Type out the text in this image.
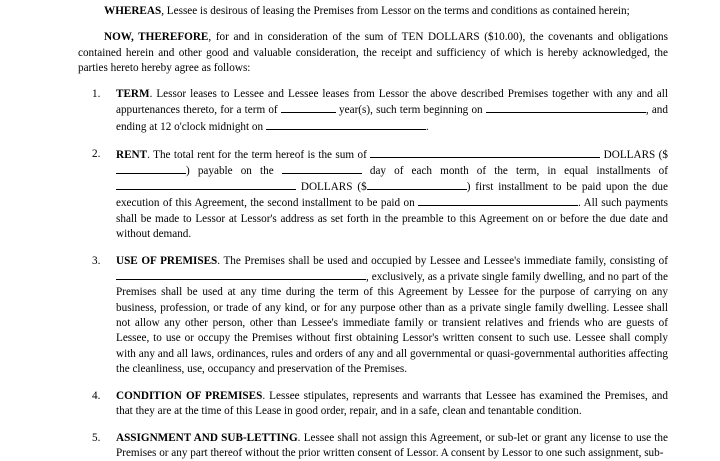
WHEREAS, Lessee is desirous of leasing the Premises from Lessor on the terms and conditions as contained herein;

NOW, THEREFORE, for and in consideration of the sum of TEN DOLLARS ($10.00), the covenants and obligations contained herein and other good and valuable consideration, the receipt and sufficiency of which is hereby acknowledged, the parties hereto hereby agree as follows:

1. TERM. Lessor leases to Lessee and Lessee leases from Lessor the above described Premises together with any and all appurtenances thereto, for a term of	year(s), such term beginning on	, and ending at 12 o'clock midnight on	.
2. RENT. The total rent for the term hereof is the sum of	DOLLARS ($) payable on the	day of each month of the term, in equal installments of  DOLLARS ($	) first installment to be paid upon the due execution of this Agreement, the second installment to be paid on	. All such payments shall be made to Lessor at Lessor's address as set forth in the preamble to this Agreement on or before the due date and without demand.
3. USE OF PREMISES. The Premises shall be used and occupied by Lessee and Lessee's immediate family, consisting of , exclusively, as a private single family dwelling, and no part of the Premises shall be used at any time during the term of this Agreement by Lessee for the purpose of carrying on any business, profession, or trade of any kind, or for any purpose other than as a private single family dwelling. Lessee shall not allow any other person, other than Lessee's immediate family or transient relatives and friends who are guests of Lessee, to use or occupy the Premises without first obtaining Lessor's written consent to such use. Lessee shall comply with any and all laws, ordinances, rules and orders of any and all governmental or quasi-governmental authorities affecting the cleanliness, use, occupancy and preservation of the Premises.
4. CONDITION OF PREMISES. Lessee stipulates, represents and warrants that Lessee has examined the Premises, and that they are at the time of this Lease in good order, repair, and in a safe, clean and tenantable condition.
5. ASSIGNMENT AND SUB-LETTING. Lessee shall not assign this Agreement, or sub-let or grant any license to use the Premises or any part thereof without the prior written consent of Lessor. A consent by Lessor to one such assignment, sub-
